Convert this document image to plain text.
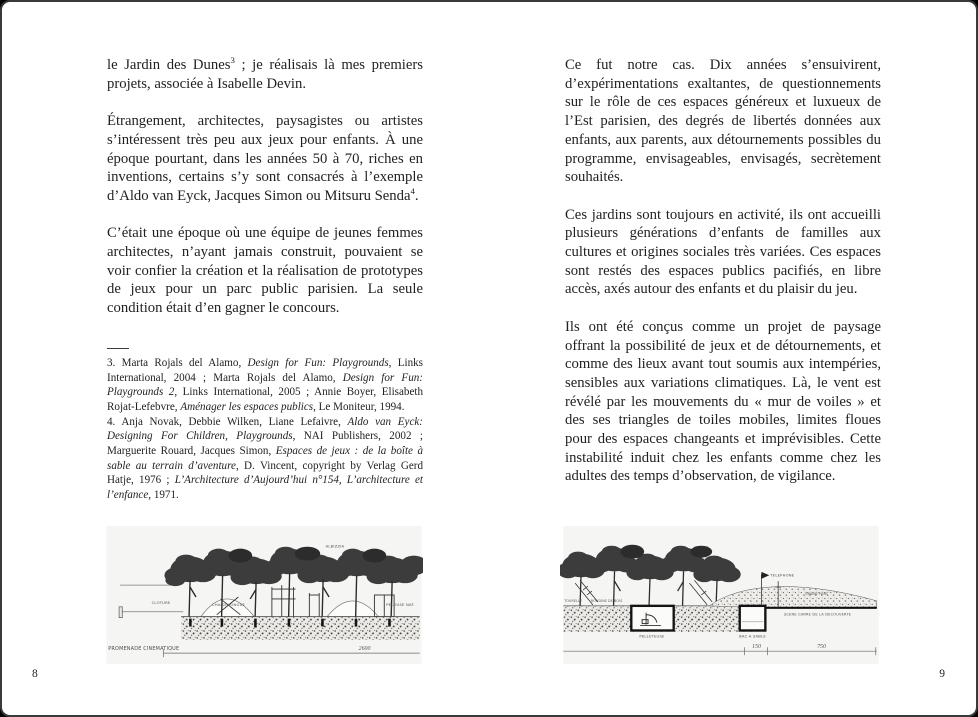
le Jardin des Dunes$^3$ ; je réalisais là mes premiers projets, associée à Isabelle Devin.

Étrangement, architectes, paysagistes ou artistes s’intéressent très peu aux jeux pour enfants. À une époque pourtant, dans les années 50 à 70, riches en inventions, certains s’y sont consacrés à l’exemple d’Aldo van Eyck, Jacques Simon ou Mitsuru Senda$^4$.

C’était une époque où une équipe de jeunes femmes architectes, n’ayant jamais construit, pouvaient se voir confier la création et la réalisation de prototypes de jeux pour un parc public parisien. La seule condition était d’en gagner le concours.

3. Marta Rojals del Alamo, Design for Fun: Playgrounds, Links International, 2004 ; Marta Rojals del Alamo, Design for Fun: Playgrounds 2, Links International, 2005 ; Annie Boyer, Elisabeth Rojat-Lefebvre, Aménager les espaces publics, Le Moniteur, 1994.

4. Anja Novak, Debbie Wilken, Liane Lefaivre, Aldo van Eyck: Designing For Children, Playgrounds, NAI Publishers, 2002 ; Marguerite Rouard, Jacques Simon, Espaces de jeux : de la boîte à sable au terrain d’aventure, D. Vincent, copyright by Verlag Gerd Hatje, 1976 ; L’Architecture d’Aujourd’hui n°154, L’architecture et l’enfance, 1971.

Ce fut notre cas. Dix années s’ensuivirent, d’expérimentations exaltantes, de questionnements sur le rôle de ces espaces généreux et luxueux de l’Est parisien, des degrés de libertés données aux enfants, aux parents, aux détournements possibles du programme, envisageables, envisagés, secrètement souhaités.

Ces jardins sont toujours en activité, ils ont accueilli plusieurs générations d’enfants de familles aux cultures et origines sociales très variées. Ces espaces sont restés des espaces publics pacifiés, en libre accès, axés autour des enfants et du plaisir du jeu.

Ils ont été conçus comme un projet de paysage offrant la possibilité de jeux et de détournements, et comme des lieux avant tout soumis aux intempéries, sensibles aux variations climatiques. Là, le vent est révélé par les mouvements du « mur de voiles » et des ses triangles de toiles mobiles, limites floues pour des espaces changeants et imprévisibles. Cette instabilité induit chez les enfants comme chez les adultes des temps d’observation, de vigilance.

CLOTURE	CHAISE LONGUE
ALBIZZIA
PELOUSE NAT.
PROMENADE CINEMATIQUE	2600
TOURELLE	RONDINS DE BOIS
TELEPHONE
GRAND PONT
SCENE CARRE DE LA DECOUVERTE
PELLETEUSE	BAC A SABLE
150	750
8	9
